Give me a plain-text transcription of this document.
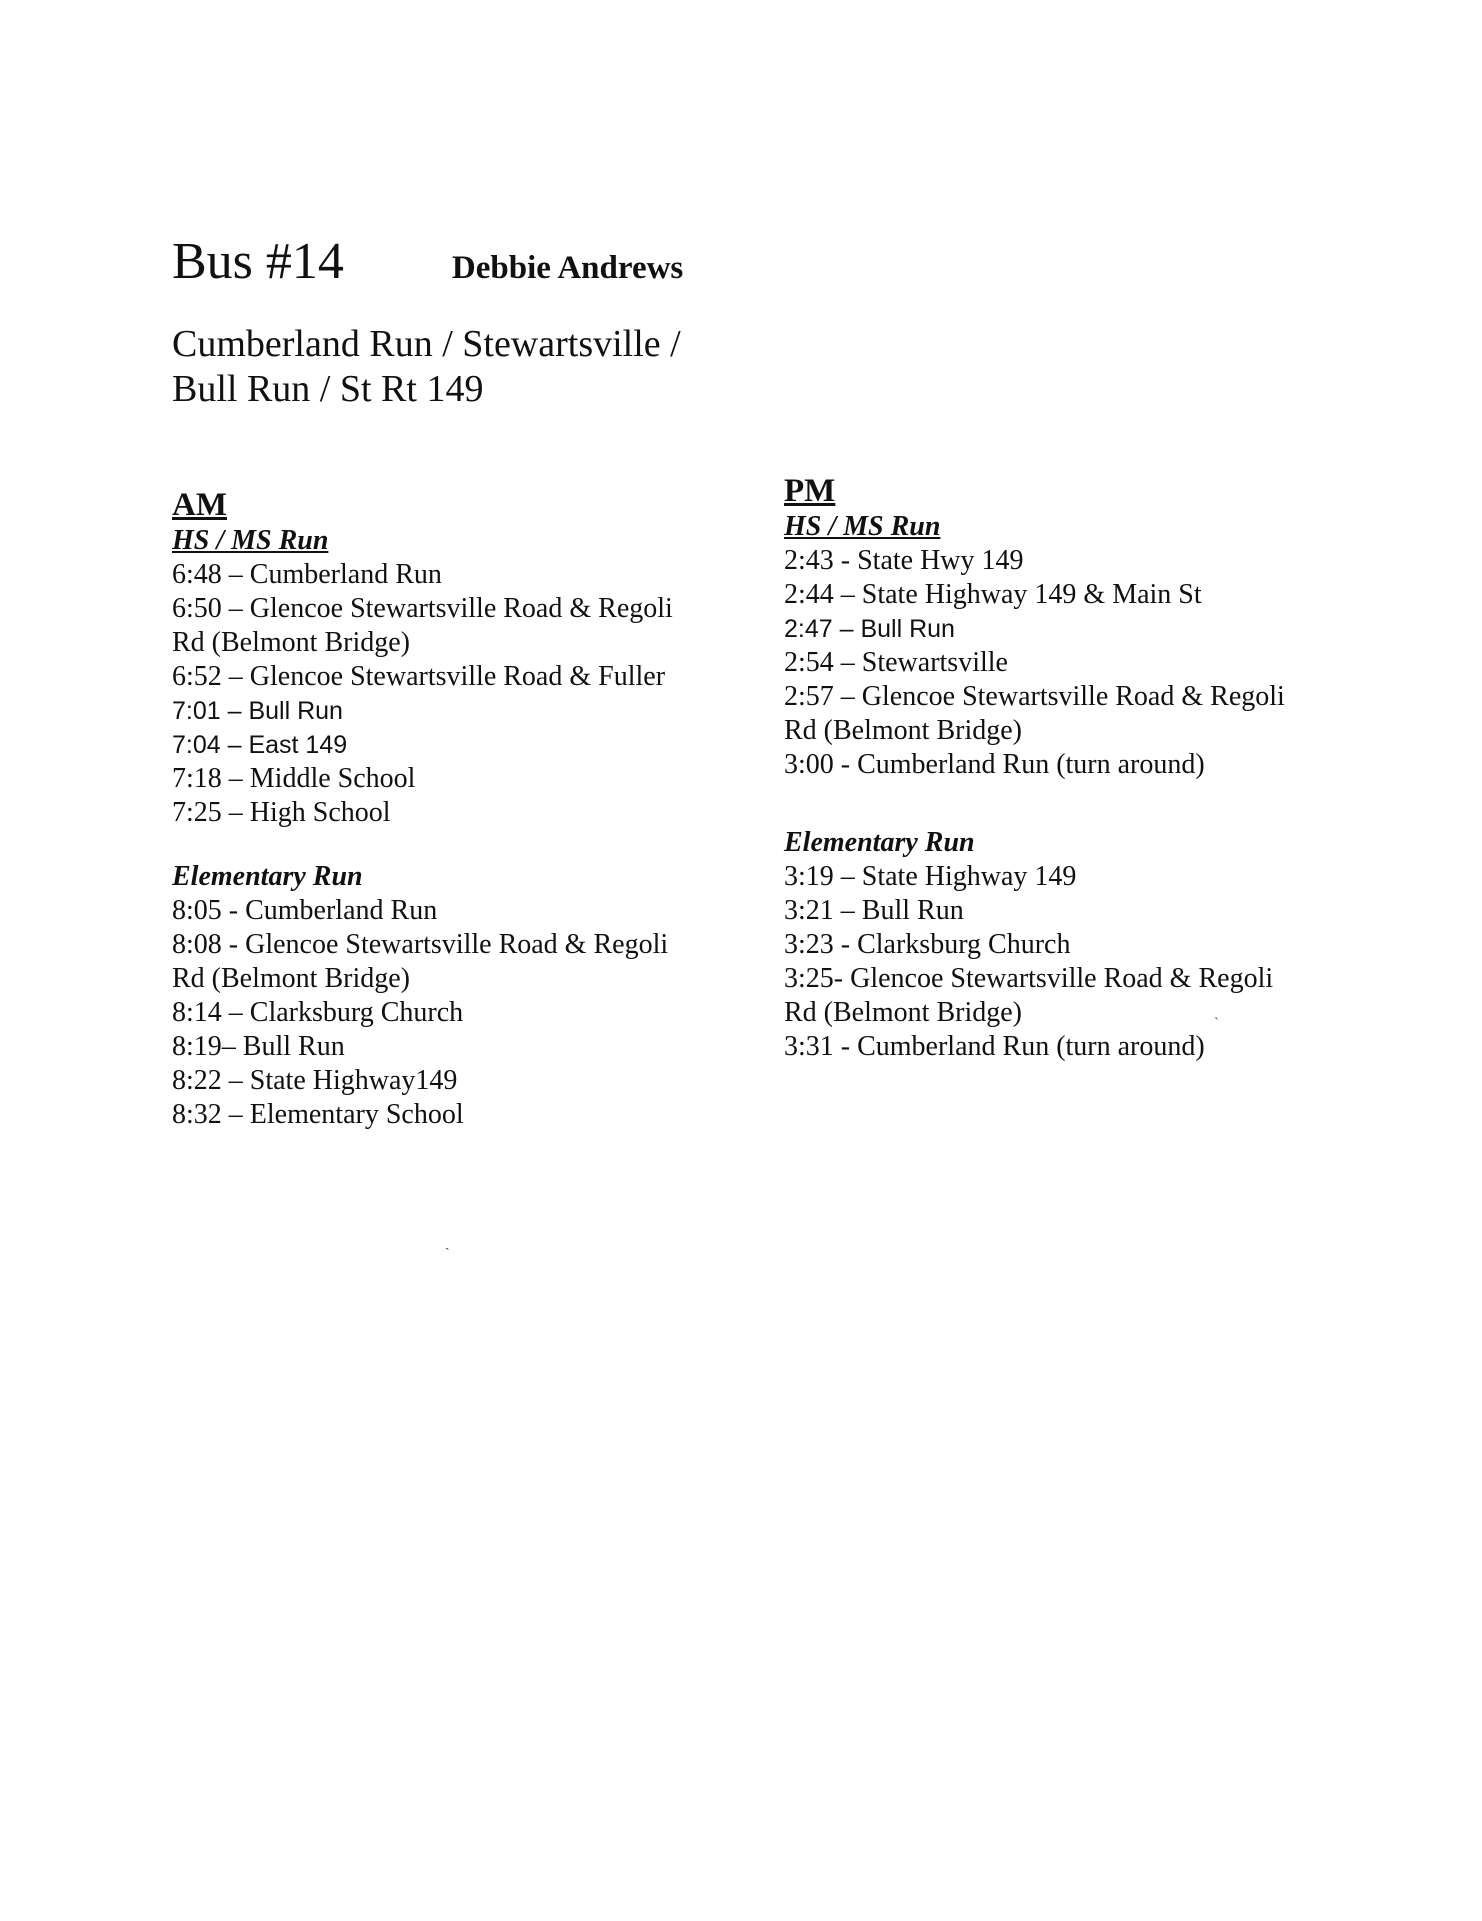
Bus #14	Debbie Andrews
Cumberland Run / Stewartsville /
Bull Run / St Rt 149
AM
HS / MS Run
6:48 – Cumberland Run
6:50 – Glencoe Stewartsville Road & Regoli
Rd (Belmont Bridge)
6:52 – Glencoe Stewartsville Road & Fuller
7:01 – Bull Run
7:04 – East 149
7:18 – Middle School
7:25 – High School
Elementary Run
8:05 - Cumberland Run
8:08 - Glencoe Stewartsville Road & Regoli
Rd (Belmont Bridge)
8:14 – Clarksburg Church
8:19– Bull Run
8:22 – State Highway149
8:32 – Elementary School
PM
HS / MS Run
2:43 - State Hwy 149
2:44 – State Highway 149 & Main St
2:47 – Bull Run
2:54 – Stewartsville
2:57 – Glencoe Stewartsville Road & Regoli
Rd (Belmont Bridge)
3:00 - Cumberland Run (turn around)
Elementary Run
3:19 – State Highway 149
3:21 – Bull Run
3:23 - Clarksburg Church
3:25- Glencoe Stewartsville Road & Regoli
Rd (Belmont Bridge)
3:31 - Cumberland Run (turn around)
ˏ
ˋ
